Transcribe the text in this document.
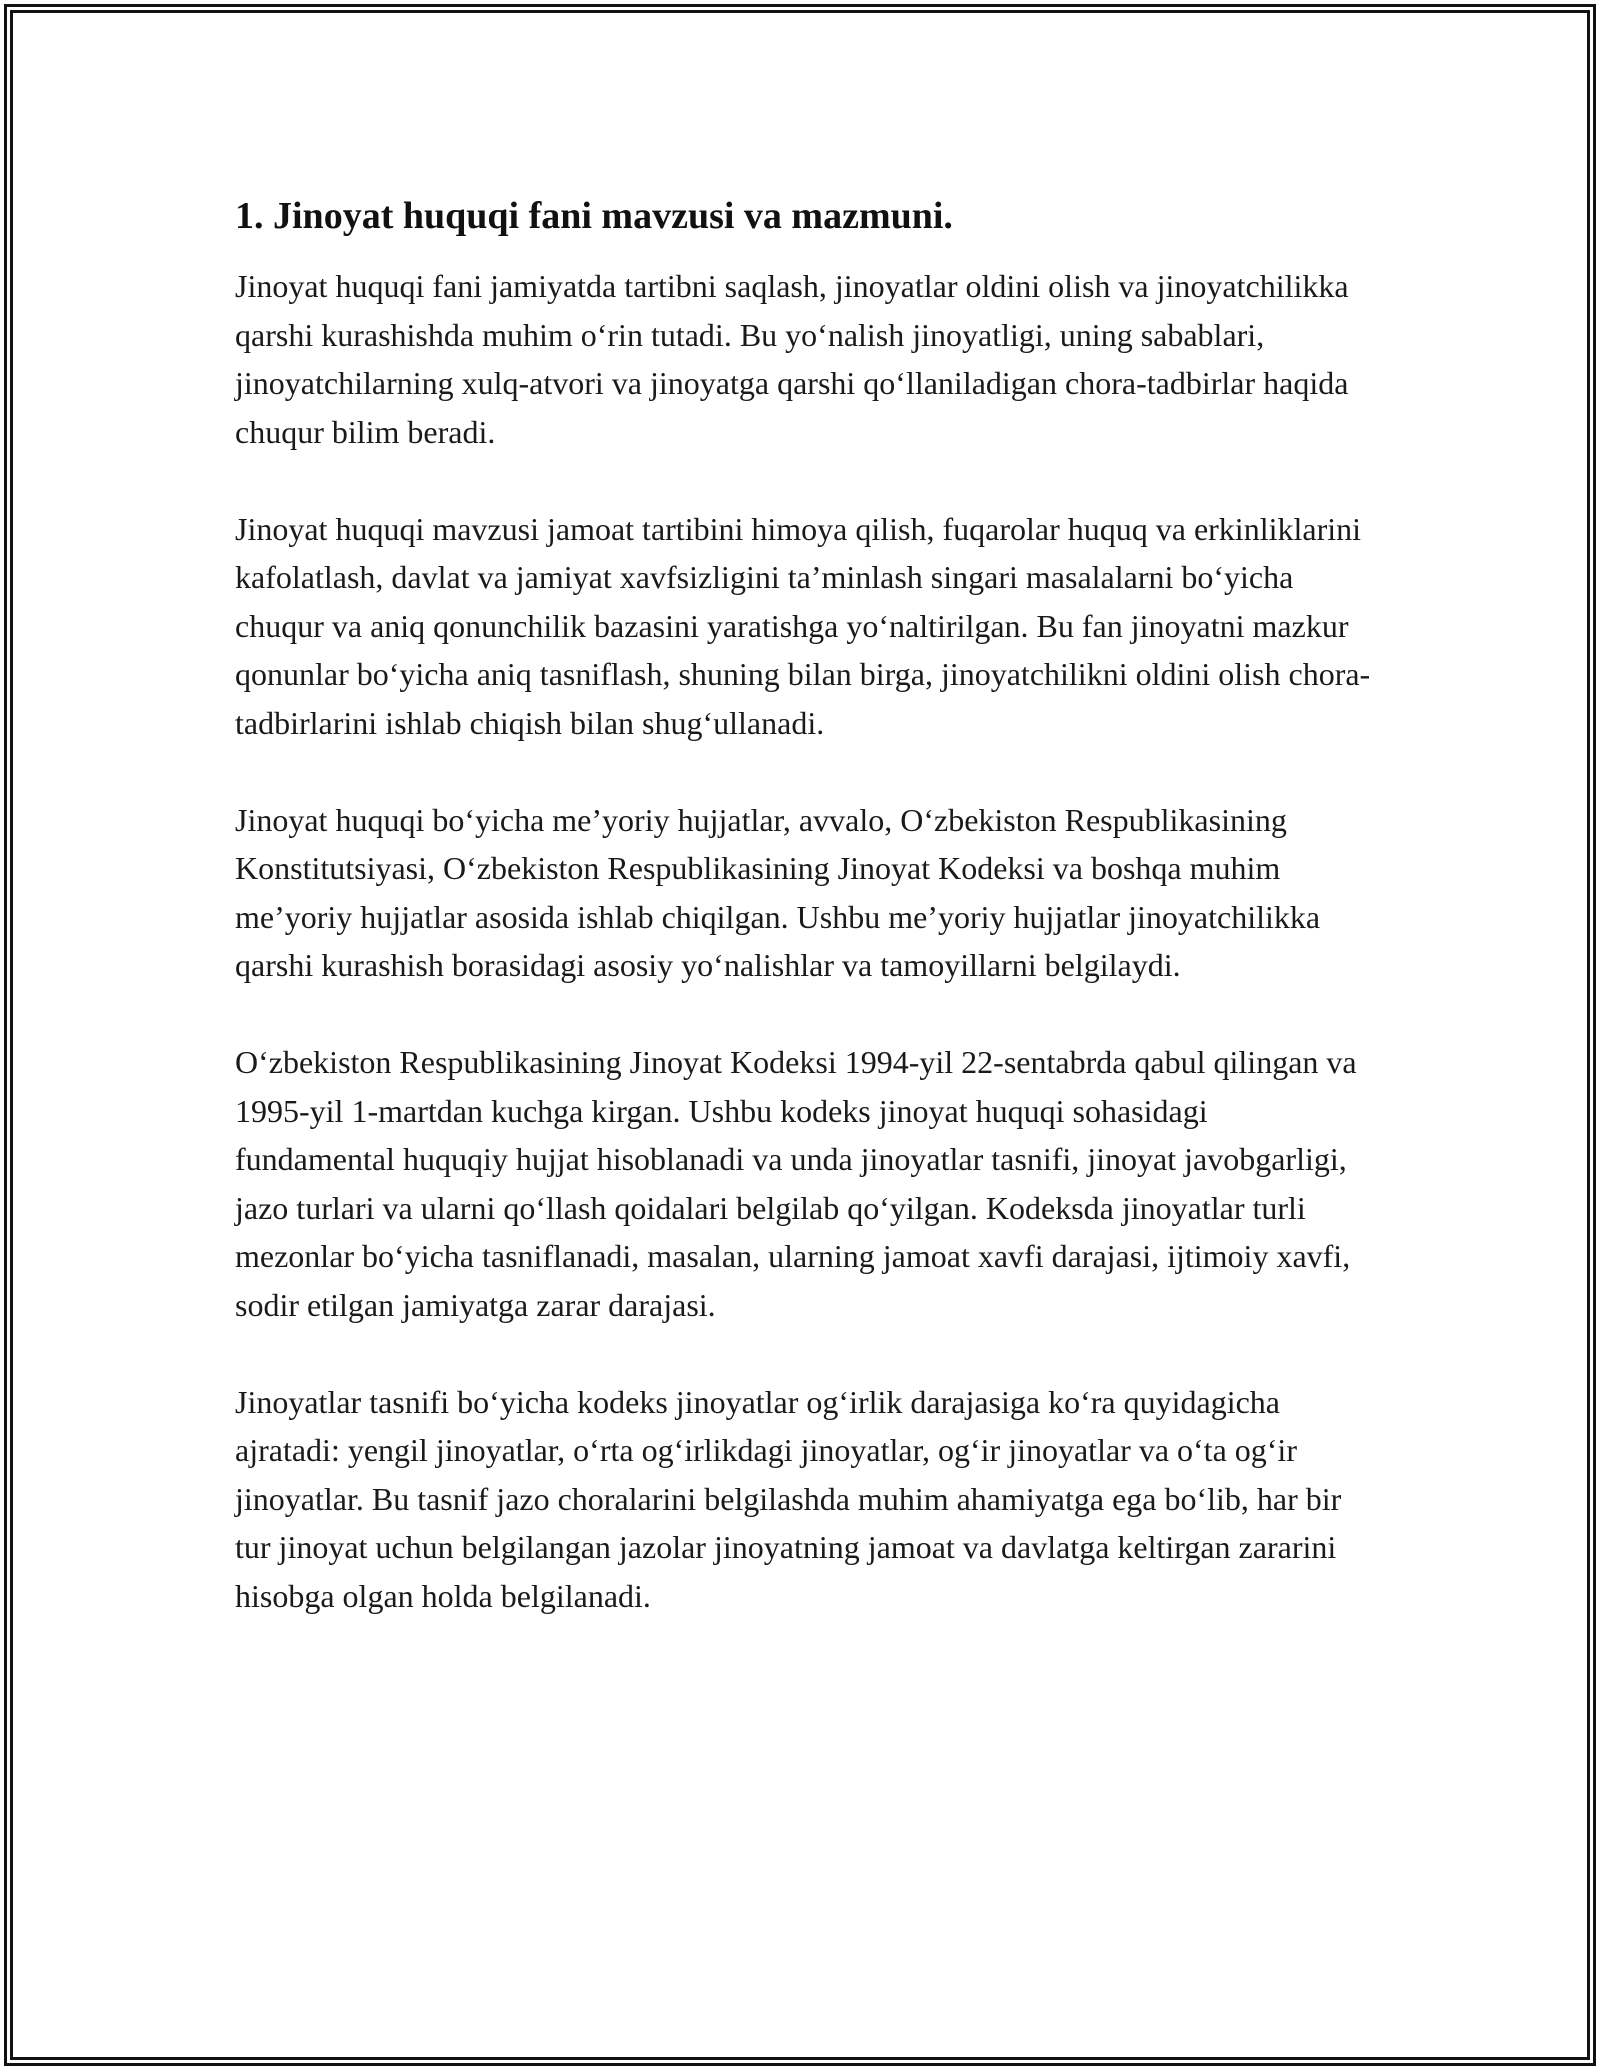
1. Jinoyat huquqi fani mavzusi va mazmuni.

Jinoyat huquqi fani jamiyatda tartibni saqlash, jinoyatlar oldini olish va jinoyatchilikka qarshi kurashishda muhim o‘rin tutadi. Bu yo‘nalish jinoyatligi, uning sabablari, jinoyatchilarning xulq-atvori va jinoyatga qarshi qo‘llaniladigan chora-tadbirlar haqida chuqur bilim beradi.

Jinoyat huquqi mavzusi jamoat tartibini himoya qilish, fuqarolar huquq va erkinliklarini kafolatlash, davlat va jamiyat xavfsizligini ta’minlash singari masalalarni bo‘yicha chuqur va aniq qonunchilik bazasini yaratishga yo‘naltirilgan. Bu fan jinoyatni mazkur qonunlar bo‘yicha aniq tasniflash, shuning bilan birga, jinoyatchilikni oldini olish chora-tadbirlarini ishlab chiqish bilan shug‘ullanadi.

Jinoyat huquqi bo‘yicha me’yoriy hujjatlar, avvalo, O‘zbekiston Respublikasining Konstitutsiyasi, O‘zbekiston Respublikasining Jinoyat Kodeksi va boshqa muhim me’yoriy hujjatlar asosida ishlab chiqilgan. Ushbu me’yoriy hujjatlar jinoyatchilikka qarshi kurashish borasidagi asosiy yo‘nalishlar va tamoyillarni belgilaydi.

O‘zbekiston Respublikasining Jinoyat Kodeksi 1994-yil 22-sentabrda qabul qilingan va 1995-yil 1-martdan kuchga kirgan. Ushbu kodeks jinoyat huquqi sohasidagi fundamental huquqiy hujjat hisoblanadi va unda jinoyatlar tasnifi, jinoyat javobgarligi, jazo turlari va ularni qo‘llash qoidalari belgilab qo‘yilgan. Kodeksda jinoyatlar turli mezonlar bo‘yicha tasniflanadi, masalan, ularning jamoat xavfi darajasi, ijtimoiy xavfi, sodir etilgan jamiyatga zarar darajasi.

Jinoyatlar tasnifi bo‘yicha kodeks jinoyatlar og‘irlik darajasiga ko‘ra quyidagicha ajratadi: yengil jinoyatlar, o‘rta og‘irlikdagi jinoyatlar, og‘ir jinoyatlar va o‘ta og‘ir jinoyatlar. Bu tasnif jazo choralarini belgilashda muhim ahamiyatga ega bo‘lib, har bir tur jinoyat uchun belgilangan jazolar jinoyatning jamoat va davlatga keltirgan zararini hisobga olgan holda belgilanadi.
